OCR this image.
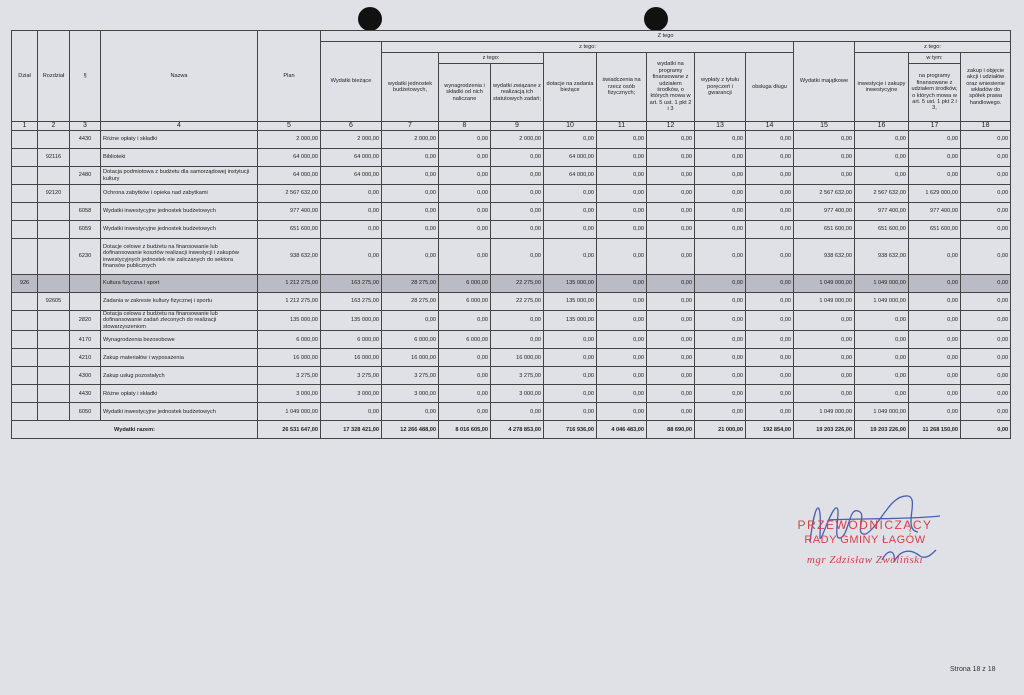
Dział	Rozdział	§	Nazwa	Plan	Z tego												
					Wydatki bieżące	z tego:								Wydatki majątkowe	z tego:		
						wydatki jednostek budżetowych,	z tego:		dotacje na zadania bieżące	świadczenia na rzecz osób fizycznych;	wydatki na programy finansowane z udziałem środków, o których mowa w art. 5 ust. 1 pkt 2 i 3	wypłaty z tytułu poręczeń i gwarancji	obsługa długu		inwestycje i zakupy inwestycyjne	w tym:	zakup i objęcie akcji i udziałów oraz wniesienie wkładów do spółek prawa handlowego.
							wynagrodzenia i składki od nich naliczane	wydatki związane z realizacją ich statutowych zadań;								na programy finansowane z udziałem środków, o których mowa w art. 5 ust. 1 pkt 2 i 3,	

1	2	3	4	5	6	7	8	9	10	11	12	13	14	15	16	17	18
		4430	Różne opłaty i składki	2 000,00	2 000,00	2 000,00	0,00	2 000,00	0,00	0,00	0,00	0,00	0,00	0,00	0,00	0,00	0,00
	92116		Biblioteki	64 000,00	64 000,00	0,00	0,00	0,00	64 000,00	0,00	0,00	0,00	0,00	0,00	0,00	0,00	0,00
		2480	Dotacja podmiotowa z budżetu dla samorządowej instytucji kultury	64 000,00	64 000,00	0,00	0,00	0,00	64 000,00	0,00	0,00	0,00	0,00	0,00	0,00	0,00	0,00
	92120		Ochrona zabytków i opieka nad zabytkami	2 567 632,00	0,00	0,00	0,00	0,00	0,00	0,00	0,00	0,00	0,00	2 567 632,00	2 567 632,00	1 629 000,00	0,00
		6058	Wydatki inwestycyjne jednostek budżetowych	977 400,00	0,00	0,00	0,00	0,00	0,00	0,00	0,00	0,00	0,00	977 400,00	977 400,00	977 400,00	0,00
		6059	Wydatki inwestycyjne jednostek budżetowych	651 600,00	0,00	0,00	0,00	0,00	0,00	0,00	0,00	0,00	0,00	651 600,00	651 600,00	651 600,00	0,00
		6230	Dotacje celowe z budżetu na finansowanie lub dofinansowanie kosztów realizacji inwestycji i zakupów inwestycyjnych jednostek nie zaliczanych do sektora finansów publicznych	938 632,00	0,00	0,00	0,00	0,00	0,00	0,00	0,00	0,00	0,00	938 632,00	938 632,00	0,00	0,00
926			Kultura fizyczna i sport	1 212 275,00	163 275,00	28 275,00	6 000,00	22 275,00	135 000,00	0,00	0,00	0,00	0,00	1 049 000,00	1 049 000,00	0,00	0,00
	92605		Zadania w zakresie kultury fizycznej i sportu	1 212 275,00	163 275,00	28 275,00	6 000,00	22 275,00	135 000,00	0,00	0,00	0,00	0,00	1 049 000,00	1 049 000,00	0,00	0,00
		2820	Dotacja celowa z budżetu na finansowanie lub dofinansowanie zadań zleconych do realizacji stowarzyszeniom	135 000,00	135 000,00	0,00	0,00	0,00	135 000,00	0,00	0,00	0,00	0,00	0,00	0,00	0,00	0,00
		4170	Wynagrodzenia bezosobowe	6 000,00	6 000,00	6 000,00	6 000,00	0,00	0,00	0,00	0,00	0,00	0,00	0,00	0,00	0,00	0,00
		4210	Zakup materiałów i wyposażenia	16 000,00	16 000,00	16 000,00	0,00	16 000,00	0,00	0,00	0,00	0,00	0,00	0,00	0,00	0,00	0,00
		4300	Zakup usług pozostałych	3 275,00	3 275,00	3 275,00	0,00	3 275,00	0,00	0,00	0,00	0,00	0,00	0,00	0,00	0,00	0,00
		4430	Różne opłaty i składki	3 000,00	3 000,00	3 000,00	0,00	3 000,00	0,00	0,00	0,00	0,00	0,00	0,00	0,00	0,00	0,00
		6050	Wydatki inwestycyjne jednostek budżetowych	1 049 000,00	0,00	0,00	0,00	0,00	0,00	0,00	0,00	0,00	0,00	1 049 000,00	1 049 000,00	0,00	0,00
Wydatki razem:				26 531 647,00	17 328 421,00	12 266 488,00	8 016 605,00	4 278 853,00	716 936,00	4 046 483,00	88 690,00	21 000,00	192 854,00	19 203 226,00	19 203 226,00	11 268 150,00	0,00
PRZEWODNICZĄCY
RADY GMINY ŁAGÓW
mgr Zdzisław Zwoliński
Strona 18 z 18
